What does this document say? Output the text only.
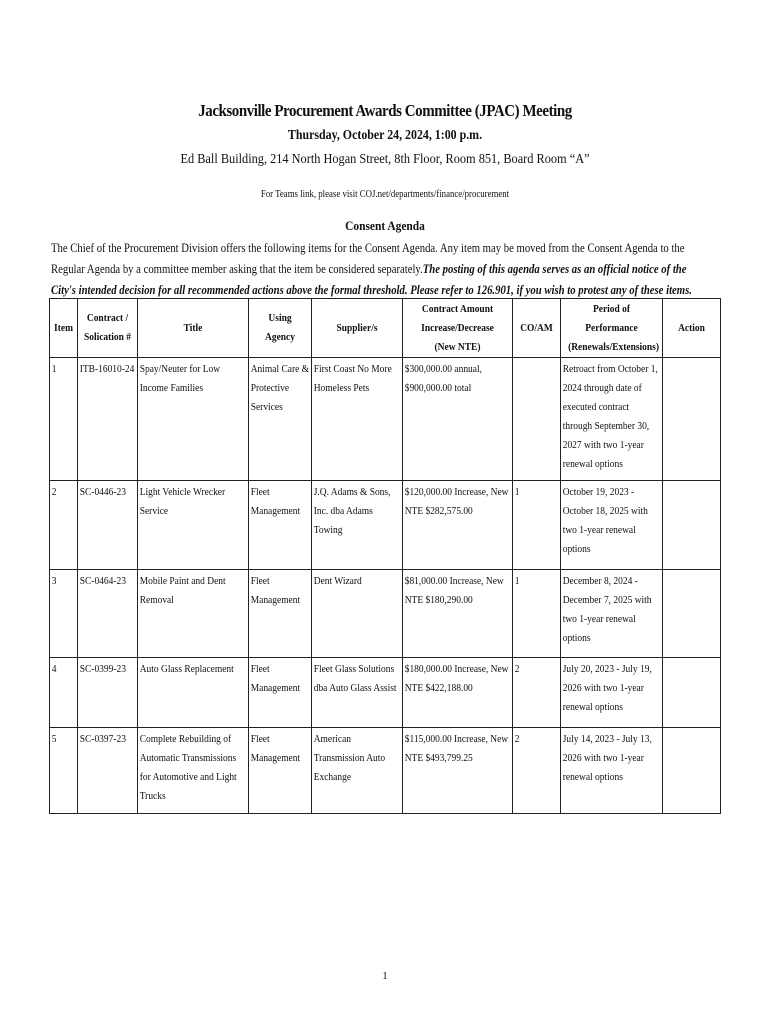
Jacksonville Procurement Awards Committee (JPAC) Meeting
Thursday, October 24, 2024, 1:00 p.m.
Ed Ball Building, 214 North Hogan Street, 8th Floor, Room 851, Board Room “A”
For Teams link, please visit COJ.net/departments/finance/procurement
Consent Agenda
The Chief of the Procurement Division offers the following items for the Consent Agenda. Any item may be moved from the Consent Agenda to the Regular Agenda by a committee member asking that the item be considered separately.The posting of this agenda serves as an official notice of the City's intended decision for all recommended actions above the formal threshold. Please refer to 126.901, if you wish to protest any of these items.
Item	Contract / Solication #	Title	Using Agency	Supplier/s	Contract Amount Increase/Decrease (New NTE)	CO/AM	Period of Performance (Renewals/Extensions)	Action

1	ITB-16010-24	Spay/Neuter for Low Income Families	Animal Care & Protective Services	First Coast No More Homeless Pets	$300,000.00 annual, $900,000.00 total		Retroact from October 1, 2024 through date of executed contract through September 30, 2027 with two 1-year renewal options	

2	SC-0446-23	Light Vehicle Wrecker Service	Fleet Management	J.Q. Adams & Sons, Inc. dba Adams Towing	$120,000.00 Increase, New NTE $282,575.00	1	October 19, 2023 - October 18, 2025 with two 1-year renewal options	

3	SC-0464-23	Mobile Paint and Dent Removal	Fleet Management	Dent Wizard	$81,000.00 Increase, New NTE $180,290.00	1	December 8, 2024 - December 7, 2025 with two 1-year renewal options	

4	SC-0399-23	Auto Glass Replacement	Fleet Management	Fleet Glass Solutions dba Auto Glass Assist	$180,000.00 Increase, New NTE $422,188.00	2	July 20, 2023 - July 19, 2026 with two 1-year renewal options	

5	SC-0397-23	Complete Rebuilding of Automatic Transmissions for Automotive and Light Trucks	Fleet Management	American Transmission Auto Exchange	$115,000.00 Increase, New NTE $493,799.25	2	July 14, 2023 - July 13, 2026 with two 1-year renewal options	

1
